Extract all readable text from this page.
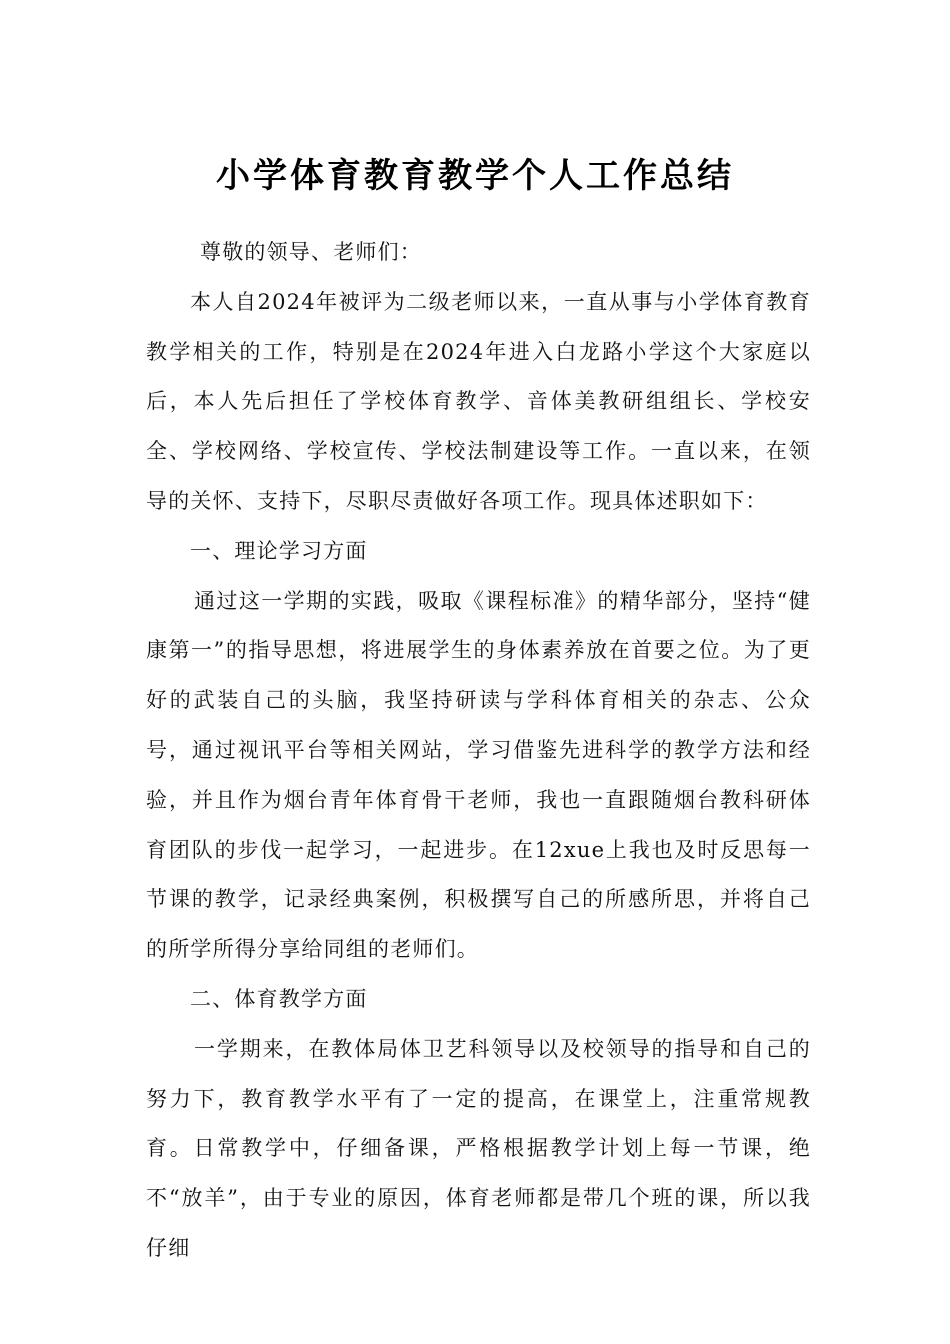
小学体育教育教学个人工作总结

尊敬的领导、老师们：

本人自2024年被评为二级老师以来，一直从事与小学体育教育教学相关的工作，特别是在2024年进入白龙路小学这个大家庭以后，本人先后担任了学校体育教学、音体美教研组组长、学校安全、学校网络、学校宣传、学校法制建设等工作。一直以来，在领导的关怀、支持下，尽职尽责做好各项工作。现具体述职如下：

一、理论学习方面

通过这一学期的实践，吸取《课程标准》的精华部分，坚持“健康第一”的指导思想，将进展学生的身体素养放在首要之位。为了更好的武装自己的头脑，我坚持研读与学科体育相关的杂志、公众号，通过视讯平台等相关网站，学习借鉴先进科学的教学方法和经验，并且作为烟台青年体育骨干老师，我也一直跟随烟台教科研体育团队的步伐一起学习，一起进步。在12xue上我也及时反思每一节课的教学，记录经典案例，积极撰写自己的所感所思，并将自己的所学所得分享给同组的老师们。

二、体育教学方面

一学期来，在教体局体卫艺科领导以及校领导的指导和自己的努力下，教育教学水平有了一定的提高，在课堂上，注重常规教育。日常教学中，仔细备课，严格根据教学计划上每一节课，绝不“放羊”，由于专业的原因，体育老师都是带几个班的课，所以我仔细
